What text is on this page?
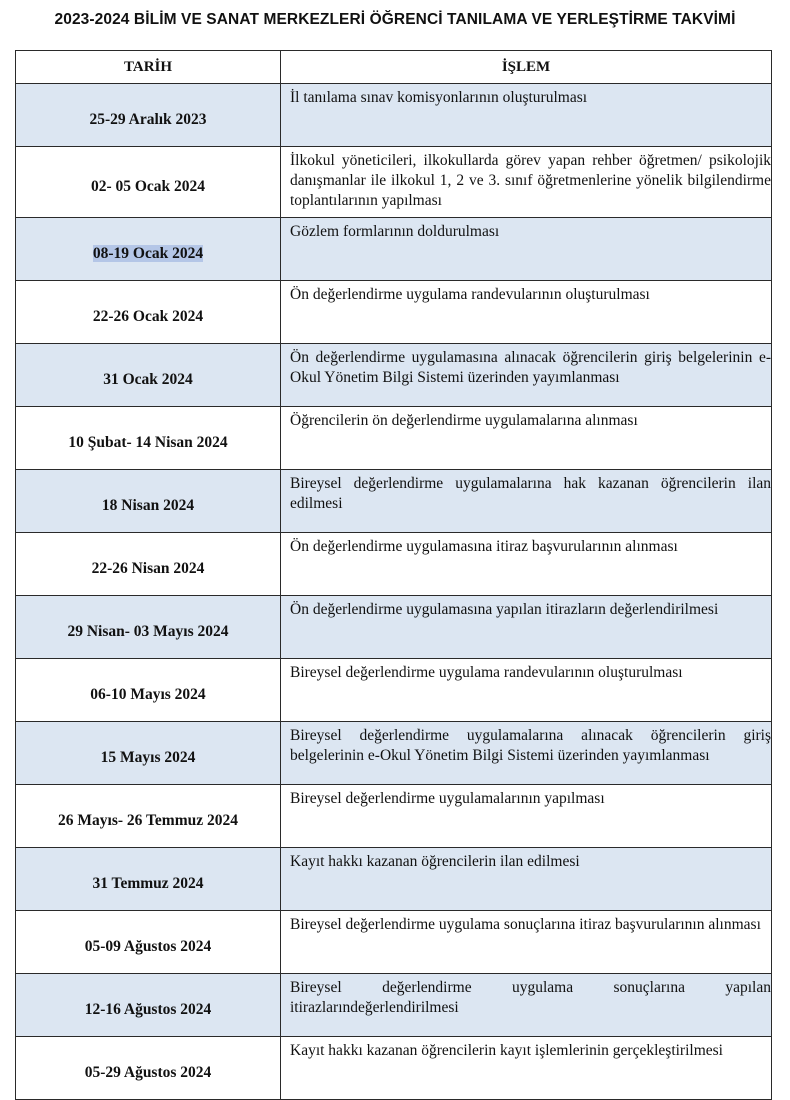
2023-2024 BİLİM VE SANAT MERKEZLERİ ÖĞRENCİ TANILAMA VE YERLEŞTİRME TAKVİMİ
TARİH	İŞLEM
25-29 Aralık 2023	İl tanılama sınav komisyonlarının oluşturulması

02- 05 Ocak 2024	İlkokul yöneticileri, ilkokullarda görev yapan rehber öğretmen/ psikolojik danışmanlar ile ilkokul 1, 2 ve 3. sınıf öğretmenlerine yönelik bilgilendirme toplantılarının yapılması

08-19 Ocak 2024	Gözlem formlarının doldurulması

22-26 Ocak 2024	Ön değerlendirme uygulama randevularının oluşturulması

31 Ocak 2024	Ön değerlendirme uygulamasına alınacak öğrencilerin giriş belgelerinin e-Okul Yönetim Bilgi Sistemi üzerinden yayımlanması

10 Şubat- 14 Nisan 2024	Öğrencilerin ön değerlendirme uygulamalarına alınması

18 Nisan 2024	Bireysel değerlendirme uygulamalarına hak kazanan öğrencilerin ilan edilmesi

22-26 Nisan 2024	Ön değerlendirme uygulamasına itiraz başvurularının alınması

29 Nisan- 03 Mayıs 2024	Ön değerlendirme uygulamasına yapılan itirazların değerlendirilmesi

06-10 Mayıs 2024	Bireysel değerlendirme uygulama randevularının oluşturulması

15 Mayıs 2024	Bireysel değerlendirme uygulamalarına alınacak öğrencilerin giriş belgelerinin e-Okul Yönetim Bilgi Sistemi üzerinden yayımlanması

26 Mayıs- 26 Temmuz 2024	Bireysel değerlendirme uygulamalarının yapılması

31 Temmuz 2024	Kayıt hakkı kazanan öğrencilerin ilan edilmesi

05-09 Ağustos 2024	Bireysel değerlendirme uygulama sonuçlarına itiraz başvurularının alınması

12-16 Ağustos 2024	Bireysel değerlendirme uygulama sonuçlarına yapılan itirazlarındeğerlendirilmesi

05-29 Ağustos 2024	Kayıt hakkı kazanan öğrencilerin kayıt işlemlerinin gerçekleştirilmesi
